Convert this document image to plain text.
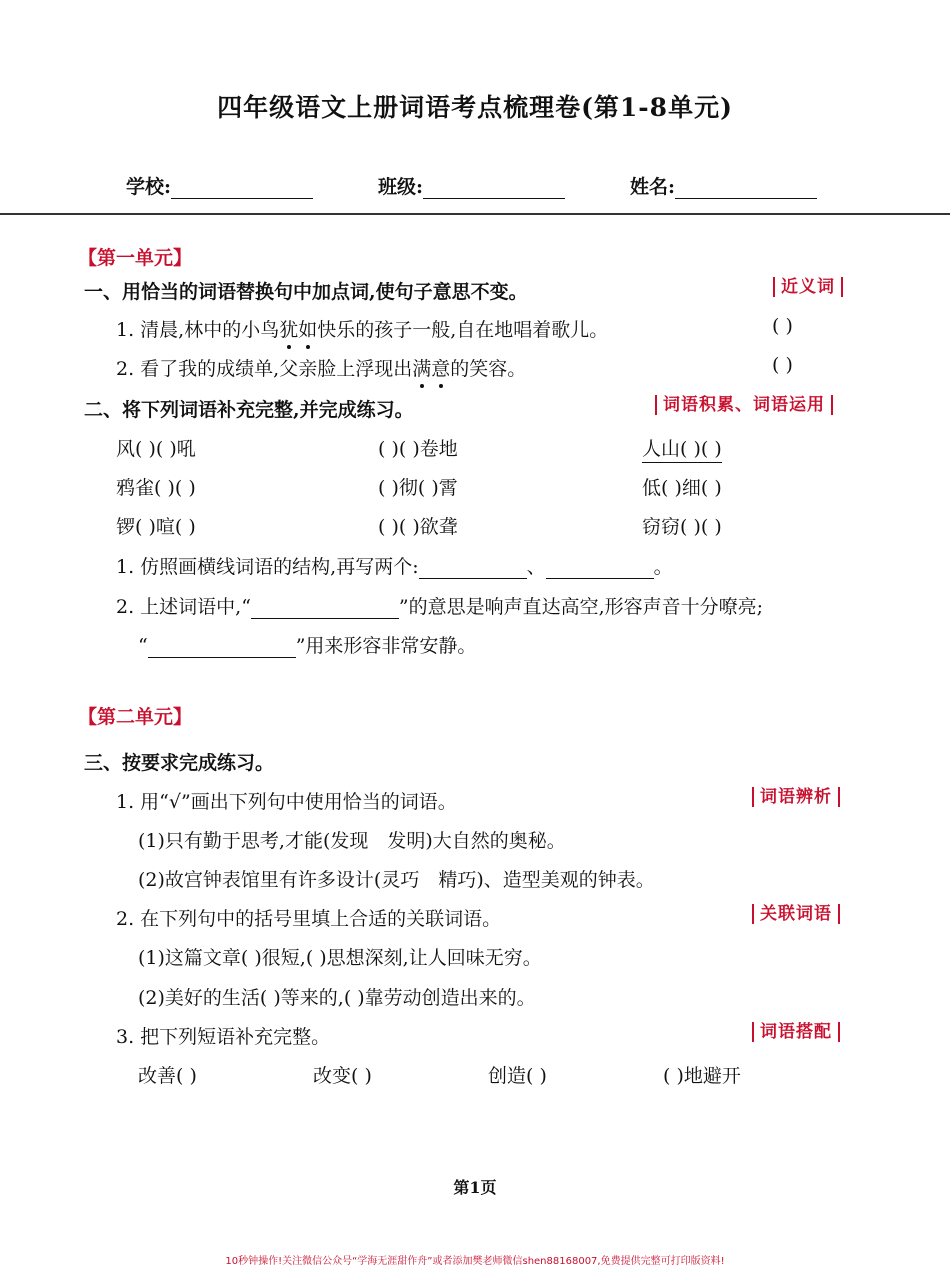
四年级语文上册词语考点梳理卷(第1-8单元)
学校:	班级:	姓名:
【第一单元】
一、用恰当的词语替换句中加点词,使句子意思不变。	近义词
1. 清晨,林中的小鸟犹如快乐的孩子一般,自在地唱着歌儿。	( )
2. 看了我的成绩单,父亲脸上浮现出满意的笑容。	( )
二、将下列词语补充完整,并完成练习。	词语积累、词语运用
风( )( )吼	( )( )卷地	人山( )( )
鸦雀( )( )	( )彻( )霄	低( )细( )
锣( )喧( )	( )( )欲聋	窃窃( )( )
1. 仿照画横线词语的结构,再写两个:	、	。
2. 上述词语中,“	”的意思是响声直达高空,形容声音十分嘹亮;
“	”用来形容非常安静。
【第二单元】
三、按要求完成练习。
1. 用“√”画出下列句中使用恰当的词语。	词语辨析
(1)只有勤于思考,才能(发现　发明)大自然的奥秘。
(2)故宫钟表馆里有许多设计(灵巧　精巧)、造型美观的钟表。
2. 在下列句中的括号里填上合适的关联词语。	关联词语
(1)这篇文章( )很短,( )思想深刻,让人回味无穷。
(2)美好的生活( )等来的,( )靠劳动创造出来的。
3. 把下列短语补充完整。	词语搭配
改善( )	改变( )	创造( )	( )地避开
第1页
10秒钟操作!关注微信公众号“学海无涯甜作舟”或者添加樊老师微信shen88168007,免费提供完整可打印版资料!
